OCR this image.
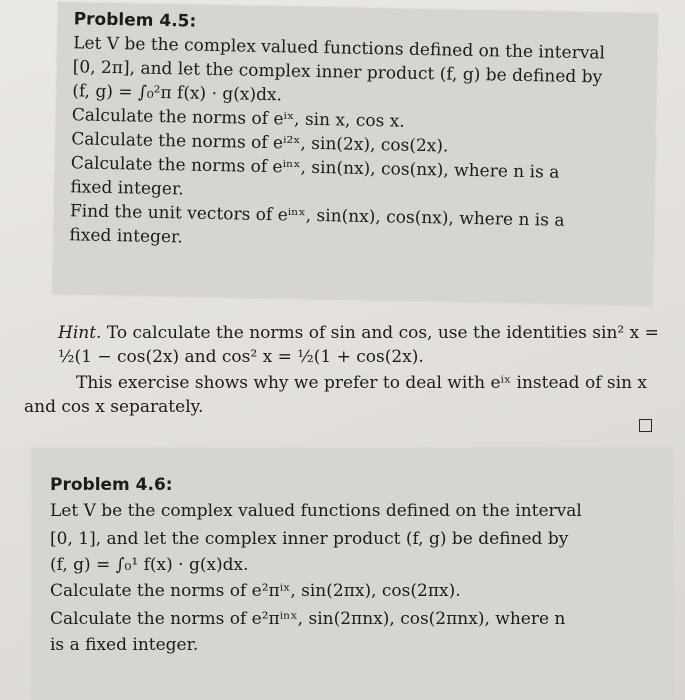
Problem 4.5:
Let V be the complex valued functions defined on the interval
[0, 2π], and let the complex inner product (f, g) be defined by
(f, g) = ∫₀²π f(x) · g(x)dx.
Calculate the norms of eⁱˣ, sin x, cos x.
Calculate the norms of eⁱ²ˣ, sin(2x), cos(2x).
Calculate the norms of eⁱⁿˣ, sin(nx), cos(nx), where n is a
fixed integer.
Find the unit vectors of eⁱⁿˣ, sin(nx), cos(nx), where n is a
fixed integer.
Hint. To calculate the norms of sin and cos, use the identities sin² x =
½(1 − cos(2x) and cos² x = ½(1 + cos(2x).
This exercise shows why we prefer to deal with eⁱˣ instead of sin x
and cos x separately.
Problem 4.6:
Let V be the complex valued functions defined on the interval
[0, 1], and let the complex inner product (f, g) be defined by
(f, g) = ∫₀¹ f(x) · g(x)dx.
Calculate the norms of e²πⁱˣ, sin(2πx), cos(2πx).
Calculate the norms of e²πⁱⁿˣ, sin(2πnx), cos(2πnx), where n
is a fixed integer.
